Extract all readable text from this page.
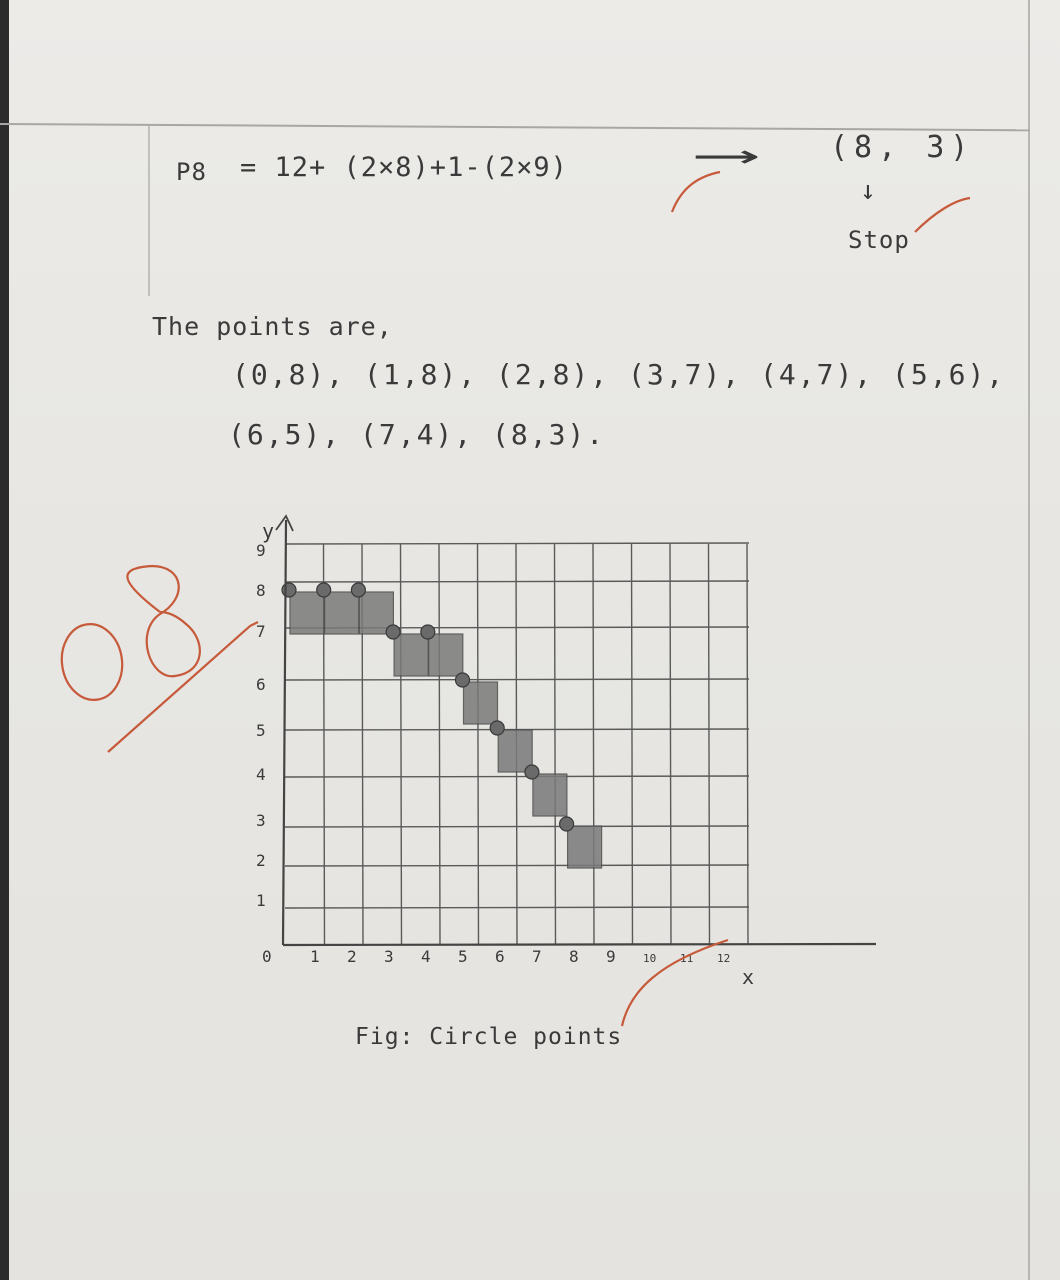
P8 = 12+ (2×8)+1-(2×9)	⟶ (8, 3)
↓
Stop
The points are,
(0,8), (1,8), (2,8), (3,7), (4,7), (5,6),
(6,5), (7,4), (8,3).
1 2 3 4 5 6 7 8 9 10 11 12
1
2
3
4
5
6
7
8
9
y
x
0
Fig: Circle points
